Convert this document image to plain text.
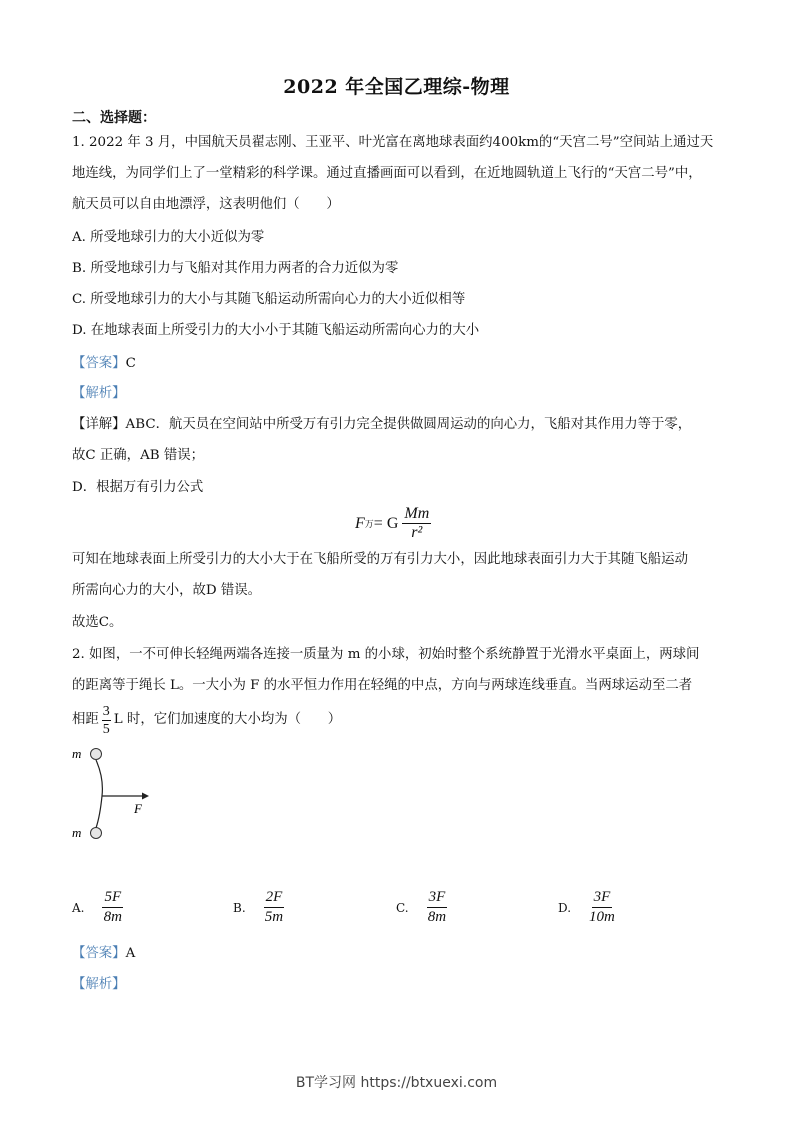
2022 年全国乙理综-物理
二、选择题：
1. 2022 年 3 月，中国航天员翟志刚、王亚平、叶光富在离地球表面约400km的“天宫二号”空间站上通过天
地连线，为同学们上了一堂精彩的科学课。通过直播画面可以看到，在近地圆轨道上飞行的“天宫二号”中，
航天员可以自由地漂浮，这表明他们（　　）
A. 所受地球引力的大小近似为零
B. 所受地球引力与飞船对其作用力两者的合力近似为零
C. 所受地球引力的大小与其随飞船运动所需向心力的大小近似相等
D. 在地球表面上所受引力的大小小于其随飞船运动所需向心力的大小
【答案】C
【解析】
【详解】ABC．航天员在空间站中所受万有引力完全提供做圆周运动的向心力，飞船对其作用力等于零，
故C 正确，AB 错误；
D．根据万有引力公式
F 万 = G $\frac{Mm}{\text{r²}}$
可知在地球表面上所受引力的大小大于在飞船所受的万有引力大小，因此地球表面引力大于其随飞船运动
所需向心力的大小，故D 错误。
故选C。
2. 如图，一不可伸长轻绳两端各连接一质量为 m 的小球，初始时整个系统静置于光滑水平桌面上，两球间
的距离等于绳长 L。一大小为 F 的水平恒力作用在轻绳的中点，方向与两球连线垂直。当两球运动至二者
相距 $\frac{3}{5}$ L 时，它们加速度的大小均为（　　）
m
m
F
A. $\frac{5F}{8m}$	B. $\frac{2F}{5m}$	C. $\frac{3F}{8m}$	D. $\frac{3F}{10m}$
【答案】A
【解析】
BT学习网 https://btxuexi.com
